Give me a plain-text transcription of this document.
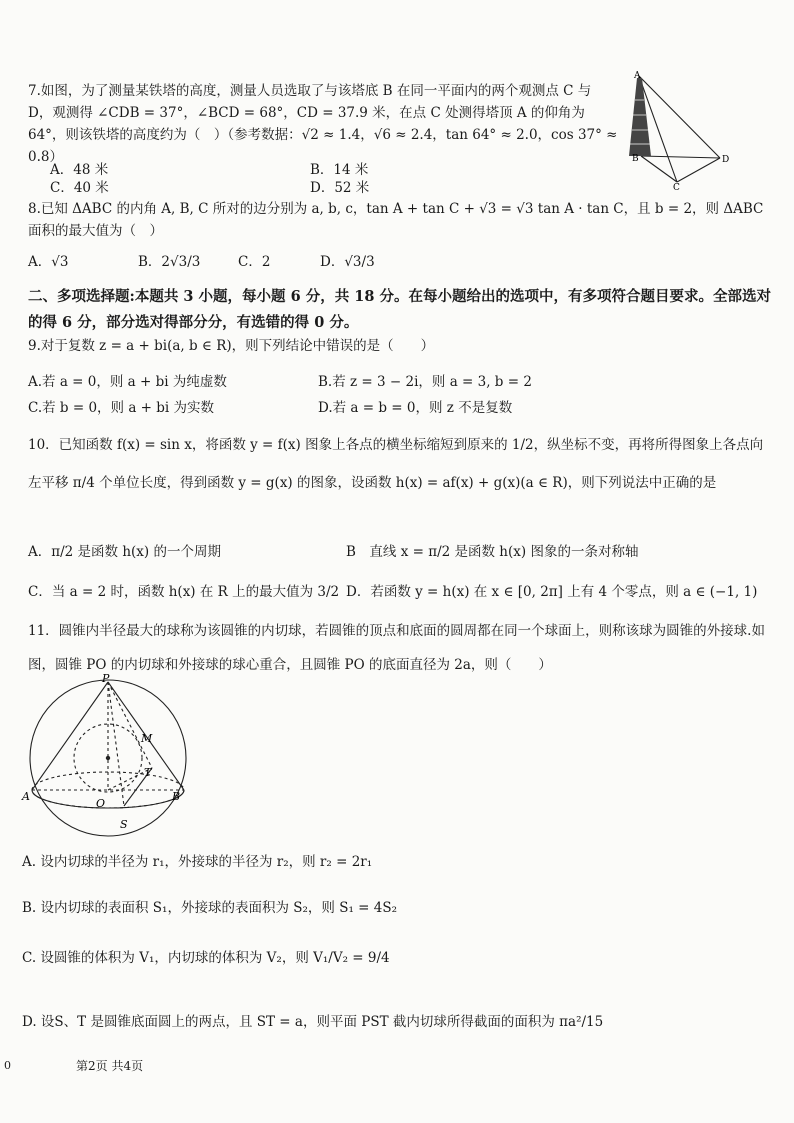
7.如图，为了测量某铁塔的高度，测量人员选取了与该塔底 B 在同一平面内的两个观测点 C 与 D，观测得 ∠CDB = 37°，∠BCD = 68°，CD = 37.9 米，在点 C 处测得塔顶 A 的仰角为 64°，则该铁塔的高度约为（　）（参考数据：√2 ≈ 1.4，√6 ≈ 2.4，tan 64° ≈ 2.0，cos 37° ≈ 0.8）
A
B
C
D
A．48 米	B．14 米
C．40 米	D．52 米
8.已知 ΔABC 的内角 A, B, C 所对的边分别为 a, b, c，tan A + tan C + √3 = √3 tan A · tan C，且 b = 2，则 ΔABC 面积的最大值为（　）
A．√3	B．2√3/3	C．2	D．√3/3
二、多项选择题:本题共 3 小题，每小题 6 分，共 18 分。在每小题给出的选项中，有多项符合题目要求。全部选对的得 6 分，部分选对得部分分，有选错的得 0 分。
9.对于复数 z = a + bi(a, b ∈ R)，则下列结论中错误的是（　　）
A.若 a = 0，则 a + bi 为纯虚数	B.若 z = 3 − 2i，则 a = 3, b = 2
C.若 b = 0，则 a + bi 为实数	D.若 a = b = 0，则 z 不是复数
10．已知函数 f(x) = sin x，将函数 y = f(x) 图象上各点的横坐标缩短到原来的 1/2，纵坐标不变，再将所得图象上各点向左平移 π/4 个单位长度，得到函数 y = g(x) 的图象，设函数 h(x) = af(x) + g(x)(a ∈ R)，则下列说法中正确的是
A．π/2 是函数 h(x) 的一个周期	B　直线 x = π/2 是函数 h(x) 图象的一条对称轴
C．当 a = 2 时，函数 h(x) 在 R 上的最大值为 3/2 D．若函数 y = h(x) 在 x ∈ [0, 2π] 上有 4 个零点，则 a ∈ (−1, 1)
11．圆锥内半径最大的球称为该圆锥的内切球，若圆锥的顶点和底面的圆周都在同一个球面上，则称该球为圆锥的外接球.如图，圆锥 PO 的内切球和外接球的球心重合，且圆锥 PO 的底面直径为 2a，则（　　）
P
M
T
A
O
B
S
A. 设内切球的半径为 r₁，外接球的半径为 r₂，则 r₂ = 2r₁
B. 设内切球的表面积 S₁，外接球的表面积为 S₂，则 S₁ = 4S₂
C. 设圆锥的体积为 V₁，内切球的体积为 V₂，则 V₁/V₂ = 9/4
D. 设S、T 是圆锥底面圆上的两点，且 ST = a，则平面 PST 截内切球所得截面的面积为 πa²/15
0	第2页 共4页
